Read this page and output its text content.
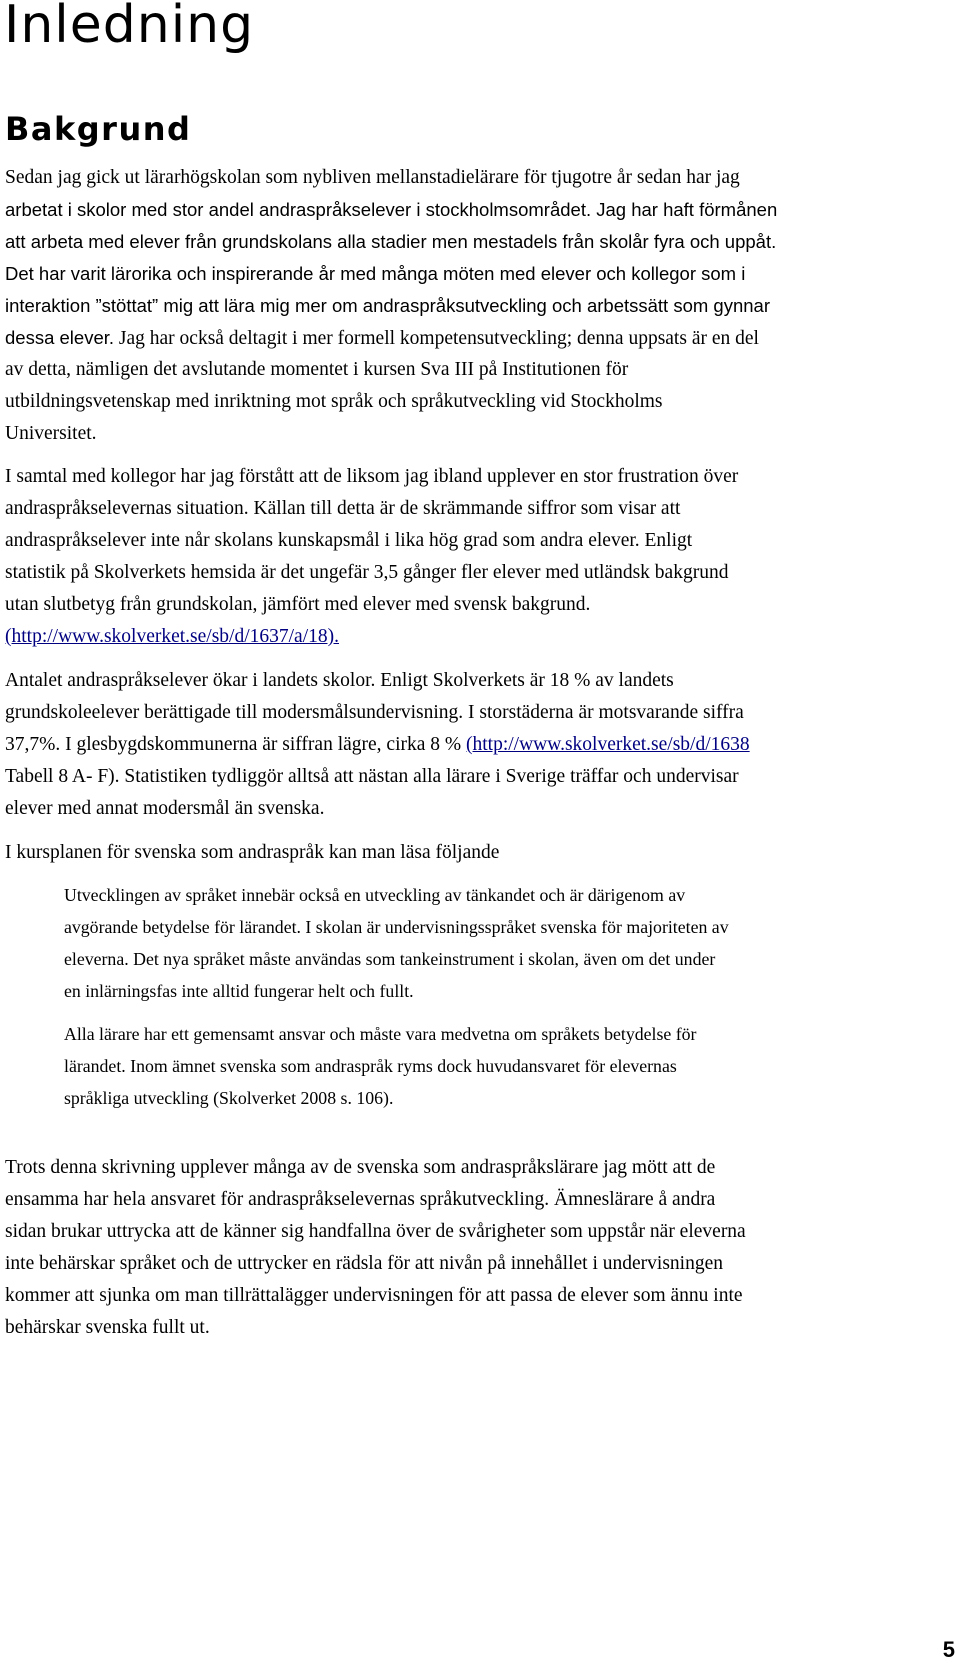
Inledning
Bakgrund

Sedan jag gick ut lärarhögskolan som nybliven mellanstadielärare för tjugotre år sedan har jag

arbetat i skolor med stor andel andraspråkselever i stockholmsområdet. Jag har haft förmånen

att arbeta med elever från grundskolans alla stadier men mestadels från skolår fyra och uppåt.

Det har varit lärorika och inspirerande år med många möten med elever och kollegor som i

interaktion ”stöttat” mig att lära mig mer om andraspråksutveckling och arbetssätt som gynnar

dessa elever. Jag har också deltagit i mer formell kompetensutveckling; denna uppsats är en del

av detta, nämligen det avslutande momentet i kursen Sva III på Institutionen för

utbildningsvetenskap med inriktning mot språk och språkutveckling vid Stockholms

Universitet.

I samtal med kollegor har jag förstått att de liksom jag ibland upplever en stor frustration över

andraspråkselevernas situation. Källan till detta är de skrämmande siffror som visar att

andraspråkselever inte når skolans kunskapsmål i lika hög grad som andra elever. Enligt

statistik på Skolverkets hemsida är det ungefär 3,5 gånger fler elever med utländsk bakgrund

utan slutbetyg från grundskolan, jämfört med elever med svensk bakgrund.

(http://www.skolverket.se/sb/d/1637/a/18).

Antalet andraspråkselever ökar i landets skolor. Enligt Skolverkets är 18 % av landets

grundskoleelever berättigade till modersmålsundervisning. I storstäderna är motsvarande siffra

37,7%. I glesbygdskommunerna är siffran lägre, cirka 8 % (http://www.skolverket.se/sb/d/1638

Tabell 8 A- F). Statistiken tydliggör alltså att nästan alla lärare i Sverige träffar och undervisar

elever med annat modersmål än svenska.

I kursplanen för svenska som andraspråk kan man läsa följande

Utvecklingen av språket innebär också en utveckling av tänkandet och är därigenom av

avgörande betydelse för lärandet. I skolan är undervisningsspråket svenska för majoriteten av

eleverna. Det nya språket måste användas som tankeinstrument i skolan, även om det under

en inlärningsfas inte alltid fungerar helt och fullt.

Alla lärare har ett gemensamt ansvar och måste vara medvetna om språkets betydelse för

lärandet. Inom ämnet svenska som andraspråk ryms dock huvudansvaret för elevernas

språkliga utveckling (Skolverket 2008 s. 106).

Trots denna skrivning upplever många av de svenska som andraspråkslärare jag mött att de

ensamma har hela ansvaret för andraspråkselevernas språkutveckling. Ämneslärare å andra

sidan brukar uttrycka att de känner sig handfallna över de svårigheter som uppstår när eleverna

inte behärskar språket och de uttrycker en rädsla för att nivån på innehållet i undervisningen

kommer att sjunka om man tillrättalägger undervisningen för att passa de elever som ännu inte

behärskar svenska fullt ut.

5
